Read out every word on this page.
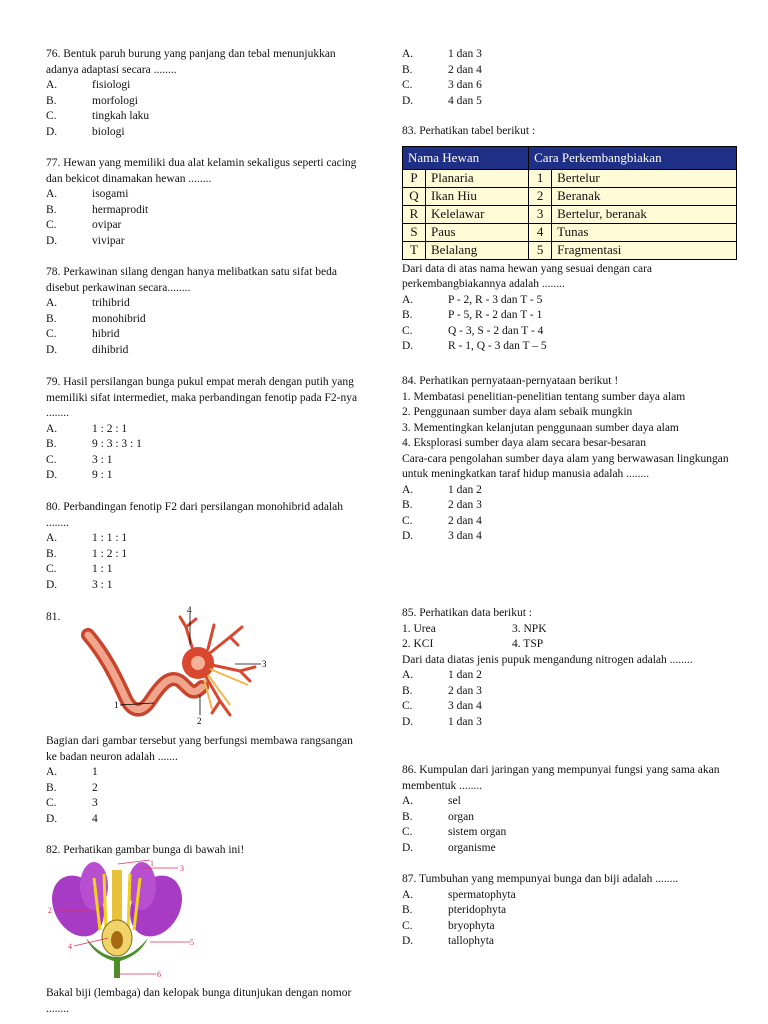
76. Bentuk paruh burung yang panjang dan tebal menunjukkan adanya adaptasi secara ........
A.	fisiologi
B.	morfologi
C.	tingkah laku
D.	biologi
77. Hewan yang memiliki dua alat kelamin sekaligus seperti cacing dan bekicot dinamakan hewan ........
A.	isogami
B.	hermaprodit
C.	ovipar
D.	vivipar
78. Perkawinan silang dengan hanya melibatkan satu sifat beda disebut perkawinan secara........
A.	trihibrid
B.	monohibrid
C.	hibrid
D.	dihibrid
79. Hasil persilangan bunga pukul empat merah dengan putih yang memiliki sifat intermediet, maka perbandingan fenotip pada F2-nya ........
A.	1 : 2 : 1
B.	9 : 3 : 3 : 1
C.	3 : 1
D.	9 : 1
80. Perbandingan fenotip F2 dari persilangan monohibrid adalah ........
A.	1 : 1 : 1
B.	1 : 2 : 1
C.	1 : 1
D.	3 : 1
81.
1
2
3
4
Bagian dari gambar tersebut yang berfungsi membawa rangsangan ke badan neuron adalah .......
A.	1
B.	2
C.	3
D.	4
82. Perhatikan gambar bunga di bawah ini!
1
2
3
4	5
6
Bakal biji (lembaga) dan kelopak bunga ditunjukan dengan nomor ........
A.	1 dan 3
B.	2 dan 4
C.	3 dan 6
D.	4 dan 5
83. Perhatikan tabel berikut :
Nama Hewan		Cara Perkembangbiakan	
P	Planaria	1	Bertelur
Q	Ikan Hiu	2	Beranak
R	Kelelawar	3	Bertelur, beranak
S	Paus	4	Tunas
T	Belalang	5	Fragmentasi
Dari data di atas nama hewan yang sesuai dengan cara perkembangbiakannya adalah ........
A.	P - 2, R - 3 dan T - 5
B.	P - 5, R - 2 dan T - 1
C.	Q - 3, S - 2 dan T - 4
D.	R - 1, Q - 3 dan T – 5
84. Perhatikan pernyataan-pernyataan berikut !
1. Membatasi penelitian-penelitian tentang sumber daya alam
2. Penggunaan sumber daya alam sebaik mungkin
3. Mementingkan kelanjutan penggunaan sumber daya alam
4. Eksplorasi sumber daya alam secara besar-besaran
Cara-cara pengolahan sumber daya alam yang berwawasan lingkungan untuk meningkatkan taraf hidup manusia adalah ........
A.	1 dan 2
B.	2 dan 3
C.	2 dan 4
D.	3 dan 4
85. Perhatikan data berikut :
1. Urea	3. NPK
2. KCI	4. TSP
Dari data diatas jenis pupuk mengandung nitrogen adalah ........
A.	1 dan 2
B.	2 dan 3
C.	3 dan 4
D.	1 dan 3
86. Kumpulan dari jaringan yang mempunyai fungsi yang sama akan membentuk ........
A.	sel
B.	organ
C.	sistem organ
D.	organisme
87. Tumbuhan yang mempunyai bunga dan biji adalah ........
A.	spermatophyta
B.	pteridophyta
C.	bryophyta
D.	tallophyta
